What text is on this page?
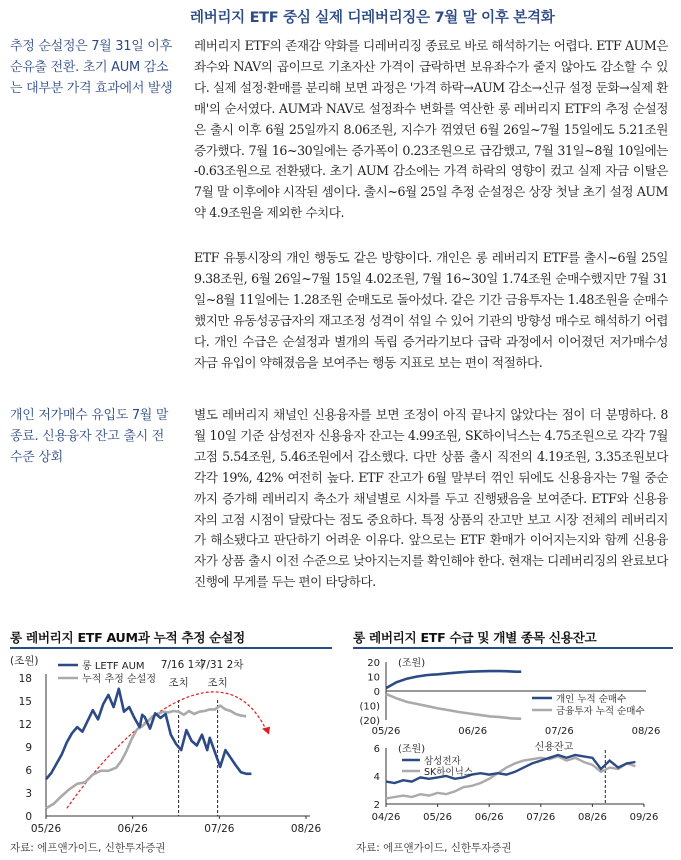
레버리지 ETF 중심 실제 디레버리징은 7월 말 이후 본격화
추정 순설정은 7월 31일 이후 순유출 전환. 초기 AUM 감소는 대부분 가격 효과에서 발생
개인 저가매수 유입도 7월 말 종료. 신용융자 잔고 출시 전 수준 상회

레버리지 ETF의 존재감 약화를 디레버리징 종료로 바로 해석하기는 어렵다. ETF AUM은 좌수와 NAV의 곱이므로 기초자산 가격이 급락하면 보유좌수가 줄지 않아도 감소할 수 있다. 실제 설정·환매를 분리해 보면 과정은 '가격 하락→AUM 감소→신규 설정 둔화→실제 환매'의 순서였다. AUM과 NAV로 설정좌수 변화를 역산한 롱 레버리지 ETF의 추정 순설정은 출시 이후 6월 25일까지 8.06조원, 지수가 꺾였던 6월 26일~7월 15일에도 5.21조원 증가했다. 7월 16~30일에는 증가폭이 0.23조원으로 급감했고, 7월 31일~8월 10일에는 -0.63조원으로 전환됐다. 초기 AUM 감소에는 가격 하락의 영향이 컸고 실제 자금 이탈은 7월 말 이후에야 시작된 셈이다. 출시~6월 25일 추정 순설정은 상장 첫날 초기 설정 AUM 약 4.9조원을 제외한 수치다.

ETF 유통시장의 개인 행동도 같은 방향이다. 개인은 롱 레버리지 ETF를 출시~6월 25일 9.38조원, 6월 26일~7월 15일 4.02조원, 7월 16~30일 1.74조원 순매수했지만 7월 31일~8월 11일에는 1.28조원 순매도로 돌아섰다. 같은 기간 금융투자는 1.48조원을 순매수했지만 유동성공급자의 재고조정 성격이 섞일 수 있어 기관의 방향성 매수로 해석하기 어렵다. 개인 수급은 순설정과 별개의 독립 증거라기보다 급락 과정에서 이어졌던 저가매수성 자금 유입이 약해졌음을 보여주는 행동 지표로 보는 편이 적절하다.

별도 레버리지 채널인 신용융자를 보면 조정이 아직 끝나지 않았다는 점이 더 분명하다. 8월 10일 기준 삼성전자 신용융자 잔고는 4.99조원, SK하이닉스는 4.75조원으로 각각 7월 고점 5.54조원, 5.46조원에서 감소했다. 다만 상품 출시 직전의 4.19조원, 3.35조원보다 각각 19%, 42% 여전히 높다. ETF 잔고가 6월 말부터 꺾인 뒤에도 신용융자는 7월 중순까지 증가해 레버리지 축소가 채널별로 시차를 두고 진행됐음을 보여준다. ETF와 신용융자의 고점 시점이 달랐다는 점도 중요하다. 특정 상품의 잔고만 보고 시장 전체의 레버리지가 해소됐다고 판단하기 어려운 이유다. 앞으로는 ETF 환매가 이어지는지와 함께 신용융자가 상품 출시 이전 수준으로 낮아지는지를 확인해야 한다. 현재는 디레버리징의 완료보다 진행에 무게를 두는 편이 타당하다.

롱 레버리지 ETF AUM과 누적 추정 순설정
(조원)
0
3
6
9
12
15
18
05/26	06/26	07/26	08/26
7/16 1차
조치
7/31 2차
조치
롱 LETF AUM
누적 추정 순설정
자료: 에프앤가이드, 신한투자증권
롱 레버리지 ETF 수급 및 개별 종목 신용잔고
(조원)
(20)
(10)
0
10
20
05/26	06/26	07/26	08/26
개인 누적 순매수
금융투자 누적 순매수
(조원)
2
4
6
04/26 05/26 06/26 07/26 08/26 09/26
신용잔고
삼성전자
SK하이닉스
자료: 에프앤가이드, 신한투자증권
